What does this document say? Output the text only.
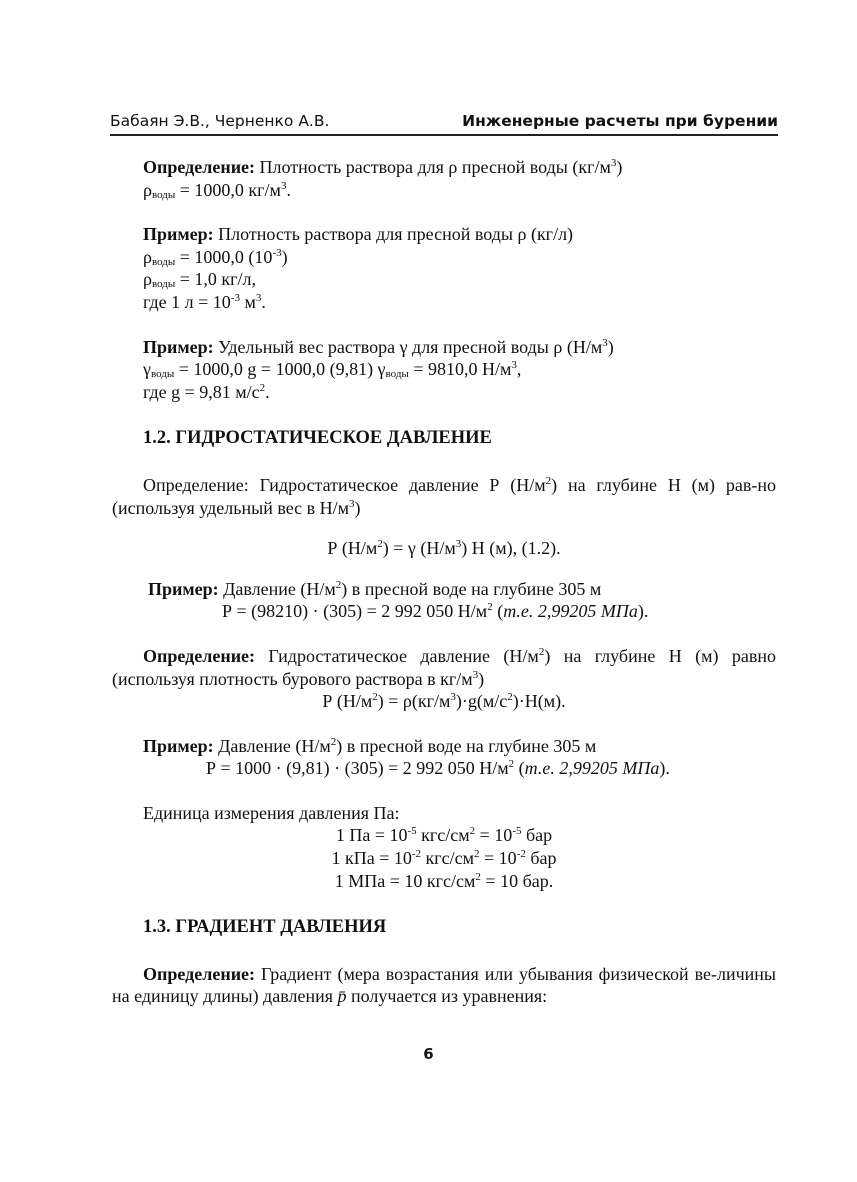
Бабаян Э.В., Черненко А.В.	Инженерные расчеты при бурении

Определение: Плотность раствора для ρ пресной воды $(кг/м^3)$

$\rho_{воды} = 1000,0$ $кг/м^3$.

Пример: Плотность раствора для пресной воды ρ (кг/л)

$\rho_{воды} = 1000,0$ $(10^{-3})$

$\rho_{воды} = 1,0$ кг/л,

где 1 $л = 10^{-3}$ $м^3$.

Пример: Удельный вес раствора γ для пресной воды ρ $(Н/м^3)$

$\gamma_{воды} = 1000,0$ g = 1000,0 (9,81) $\gamma_{воды} = 9810,0$ $Н/м^3$,

где g = 9,81 $м/с^2$.

1.2. ГИДРОСТАТИЧЕСКОЕ ДАВЛЕНИЕ

Определение: Гидростатическое давление Р $(Н/м^2)$ на глубине Н (м) рав-но (используя удельный вес в $Н/м^3$)

Р $(Н/м^2) = \gamma$ $(Н/м^3)$ Н (м), (1.2).

Пример: Давление $(Н/м^2)$ в пресной воде на глубине 305 м

Р = (98210) · (305) = 2 992 050 $Н/м^2$ (т.е. 2,99205 МПа).

Определение: Гидростатическое давление $(Н/м^2)$ на глубине Н (м) равно (используя плотность бурового раствора в $кг/м^3$)

Р $(Н/м^2) = \rho(кг/м^3)\cdot g(м/с^2)\cdot Н(м)$.

Пример: Давление $(Н/м^2)$ в пресной воде на глубине 305 м

Р = 1000 · (9,81) · (305) = 2 992 050 $Н/м^2$ (т.е. 2,99205 МПа).

Единица измерения давления Па:

1 Па = $10^{-5}$ кгс/$см^2 = 10^{-5}$ бар

1 кПа = $10^{-2}$ кгс/$см^2 = 10^{-2}$ бар

1 МПа = 10 кгс/$см^2 = 10$ бар.

1.3. ГРАДИЕНТ ДАВЛЕНИЯ

Определение: Градиент (мера возрастания или убывания физической ве-личины на единицу длины) давления p̄ получается из уравнения:

6
